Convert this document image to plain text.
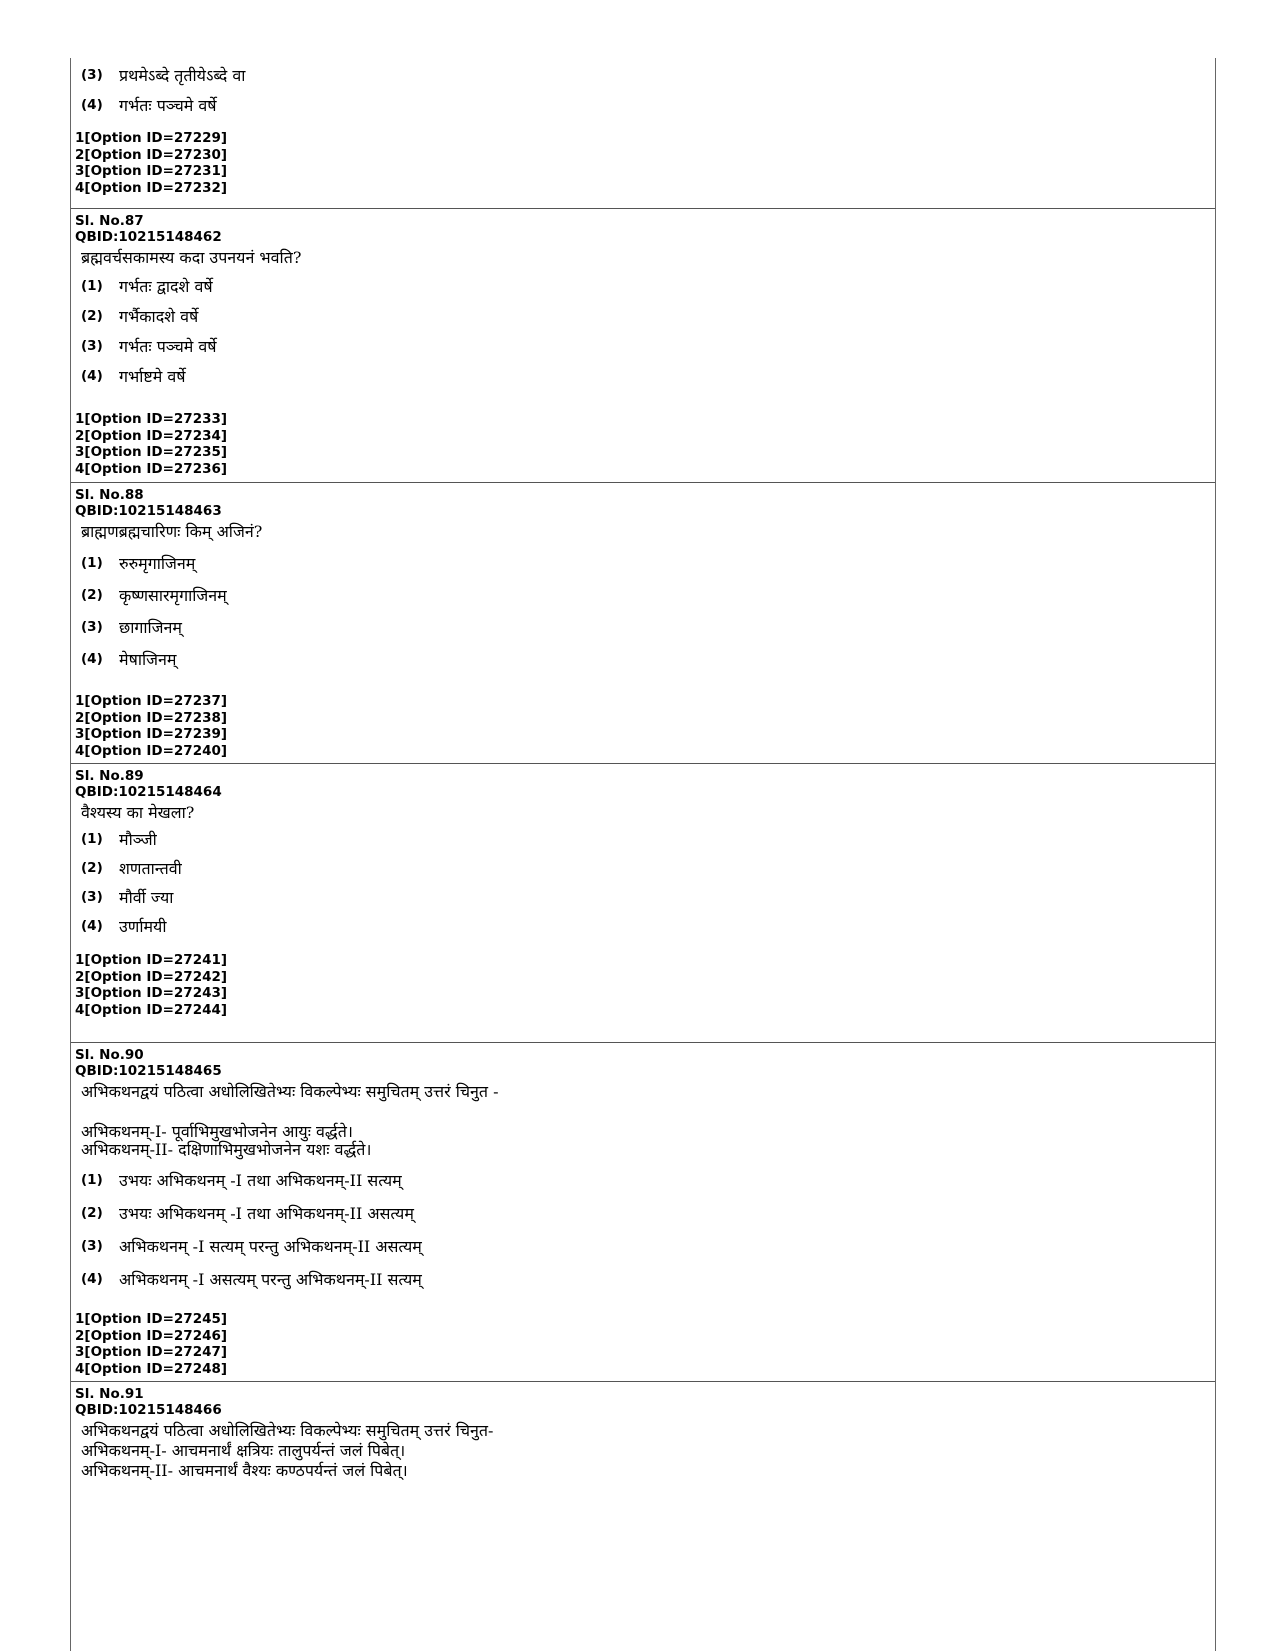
(3)	प्रथमेऽब्दे तृतीयेऽब्दे वा
(4)	गर्भतः पञ्चमे वर्षे
1[Option ID=27229]
2[Option ID=27230]
3[Option ID=27231]
4[Option ID=27232]
Sl. No.87
QBID:10215148462
ब्रह्मवर्चसकामस्य कदा उपनयनं भवति?
(1)	गर्भतः द्वादशे वर्षे
(2)	गर्भैकादशे वर्षे
(3)	गर्भतः पञ्चमे वर्षे
(4)	गर्भाष्टमे वर्षे
1[Option ID=27233]
2[Option ID=27234]
3[Option ID=27235]
4[Option ID=27236]
Sl. No.88
QBID:10215148463
ब्राह्मणब्रह्मचारिणः किम् अजिनं?
(1)	रुरुमृगाजिनम्
(2)	कृष्णसारमृगाजिनम्
(3)	छागाजिनम्
(4)	मेषाजिनम्
1[Option ID=27237]
2[Option ID=27238]
3[Option ID=27239]
4[Option ID=27240]
Sl. No.89
QBID:10215148464
वैश्यस्य का मेखला?
(1)	मौञ्जी
(2)	शणतान्तवी
(3)	मौर्वी ज्या
(4)	उर्णामयी
1[Option ID=27241]
2[Option ID=27242]
3[Option ID=27243]
4[Option ID=27244]
Sl. No.90
QBID:10215148465
अभिकथनद्वयं पठित्वा अधोलिखितेभ्यः विकल्पेभ्यः समुचितम् उत्तरं चिनुत -
अभिकथनम्-I- पूर्वाभिमुखभोजनेन आयुः वर्द्धते।
अभिकथनम्-II- दक्षिणाभिमुखभोजनेन यशः वर्द्धते।
(1)	उभयः अभिकथनम् -I तथा अभिकथनम्-II सत्यम्
(2)	उभयः अभिकथनम् -I तथा अभिकथनम्-II असत्यम्
(3)	अभिकथनम् -I सत्यम् परन्तु अभिकथनम्-II असत्यम्
(4)	अभिकथनम् -I असत्यम् परन्तु अभिकथनम्-II सत्यम्
1[Option ID=27245]
2[Option ID=27246]
3[Option ID=27247]
4[Option ID=27248]
Sl. No.91
QBID:10215148466
अभिकथनद्वयं पठित्वा अधोलिखितेभ्यः विकल्पेभ्यः समुचितम् उत्तरं चिनुत-
अभिकथनम्-I- आचमनार्थं क्षत्रियः तालुपर्यन्तं जलं पिबेत्।
अभिकथनम्-II- आचमनार्थं वैश्यः कण्ठपर्यन्तं जलं पिबेत्।
